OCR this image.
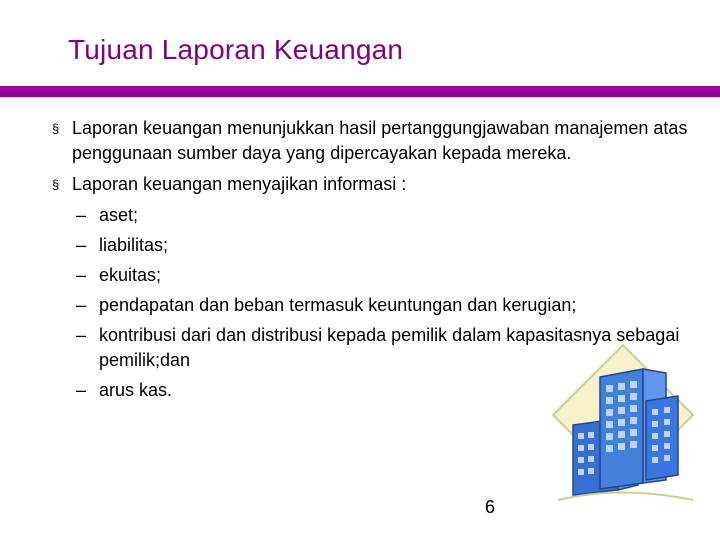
Tujuan Laporan Keuangan
§ Laporan keuangan menunjukkan hasil pertanggungjawaban manajemen atas penggunaan sumber daya yang dipercayakan kepada mereka.
§ Laporan keuangan menyajikan informasi :
– aset;
– liabilitas;
– ekuitas;
– pendapatan dan beban termasuk keuntungan dan kerugian;
– kontribusi dari dan distribusi kepada pemilik dalam kapasitasnya sebagai pemilik;dan
– arus kas.
6
